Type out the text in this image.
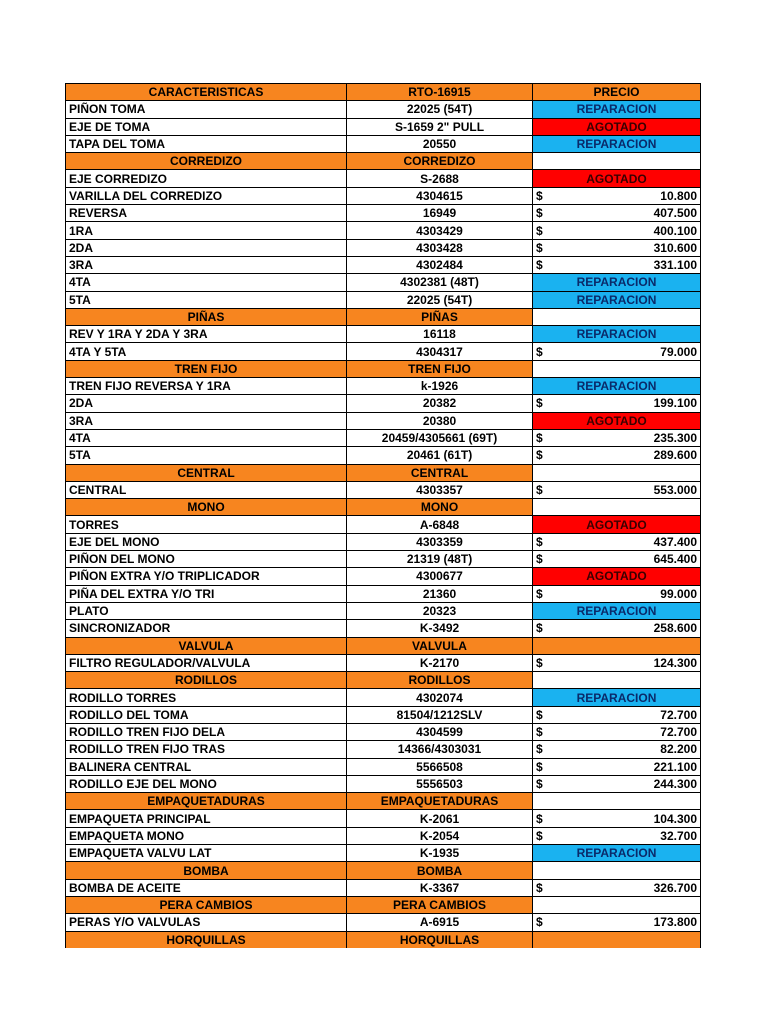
CARACTERISTICAS	RTO-16915	PRECIO
PIÑON TOMA	22025 (54T)	REPARACION
EJE DE TOMA	S-1659 2" PULL	AGOTADO
TAPA DEL TOMA	20550	REPARACION
CORREDIZO	CORREDIZO	
EJE CORREDIZO	S-2688	AGOTADO
VARILLA DEL CORREDIZO	4304615	$ 10.800

REVERSA	16949	$ 407.500

1RA	4303429	$ 400.100

2DA	4303428	$ 310.600

3RA	4302484	$ 331.100

4TA	4302381 (48T)	REPARACION
5TA	22025 (54T)	REPARACION
PIÑAS	PIÑAS	
REV Y 1RA Y 2DA Y 3RA	16118	REPARACION
4TA Y 5TA	4304317	$ 79.000

TREN FIJO	TREN FIJO	
TREN FIJO REVERSA Y 1RA	k-1926	REPARACION
2DA	20382	$ 199.100

3RA	20380	AGOTADO
4TA	20459/4305661 (69T)	$ 235.300

5TA	20461 (61T)	$ 289.600

CENTRAL	CENTRAL	
CENTRAL	4303357	$ 553.000

MONO	MONO	
TORRES	A-6848	AGOTADO
EJE DEL MONO	4303359	$ 437.400

PIÑON DEL MONO	21319 (48T)	$ 645.400

PIÑON EXTRA Y/O TRIPLICADOR	4300677	AGOTADO
PIÑA DEL EXTRA Y/O TRI	21360	$ 99.000

PLATO	20323	REPARACION
SINCRONIZADOR	K-3492	$ 258.600

VALVULA	VALVULA	
FILTRO REGULADOR/VALVULA	K-2170	$ 124.300

RODILLOS	RODILLOS	
RODILLO TORRES	4302074	REPARACION
RODILLO DEL TOMA	81504/1212SLV	$ 72.700

RODILLO TREN FIJO DELA	4304599	$ 72.700

RODILLO TREN FIJO TRAS	14366/4303031	$ 82.200

BALINERA CENTRAL	5566508	$ 221.100

RODILLO EJE DEL MONO	5556503	$ 244.300

EMPAQUETADURAS	EMPAQUETADURAS	
EMPAQUETA PRINCIPAL	K-2061	$ 104.300

EMPAQUETA MONO	K-2054	$ 32.700

EMPAQUETA VALVU LAT	K-1935	REPARACION
BOMBA	BOMBA	
BOMBA DE ACEITE	K-3367	$ 326.700

PERA CAMBIOS	PERA CAMBIOS	
PERAS Y/O VALVULAS	A-6915	$ 173.800

HORQUILLAS	HORQUILLAS	
